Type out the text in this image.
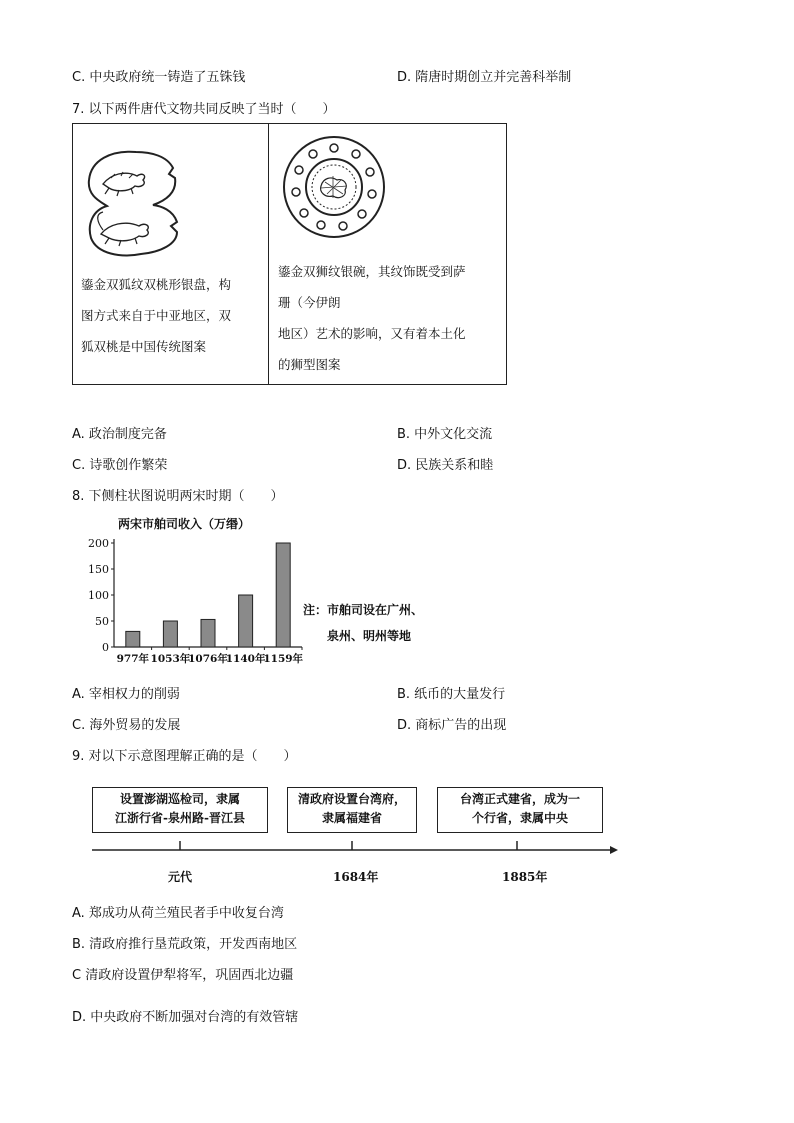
C. 中央政府统一铸造了五铢钱	D. 隋唐时期创立并完善科举制
7. 以下两件唐代文物共同反映了当时（　　）
鎏金双狐纹双桃形银盘，构
图方式来自于中亚地区，双
狐双桃是中国传统图案
鎏金双狮纹银碗，其纹饰既受到萨
珊（今伊朗
地区）艺术的影响，又有着本土化
的狮型图案
A. 政治制度完备	B. 中外文化交流
C. 诗歌创作繁荣	D. 民族关系和睦
8. 下侧柱状图说明两宋时期（　　）
两宋市舶司收入（万缗）
0
50
100
150
200
977年 1053年
1076年
1140年
1159年
注：市舶司设在广州、
泉州、明州等地
A. 宰相权力的削弱	B. 纸币的大量发行
C. 海外贸易的发展	D. 商标广告的出现
9. 对以下示意图理解正确的是（　　）
设置澎湖巡检司，隶属
江浙行省-泉州路-晋江县
清政府设置台湾府，
隶属福建省
台湾正式建省，成为一
个行省，隶属中央
元代	1684年	1885年
A. 郑成功从荷兰殖民者手中收复台湾
B. 清政府推行垦荒政策，开发西南地区
C 清政府设置伊犁将军，巩固西北边疆
D. 中央政府不断加强对台湾的有效管辖
